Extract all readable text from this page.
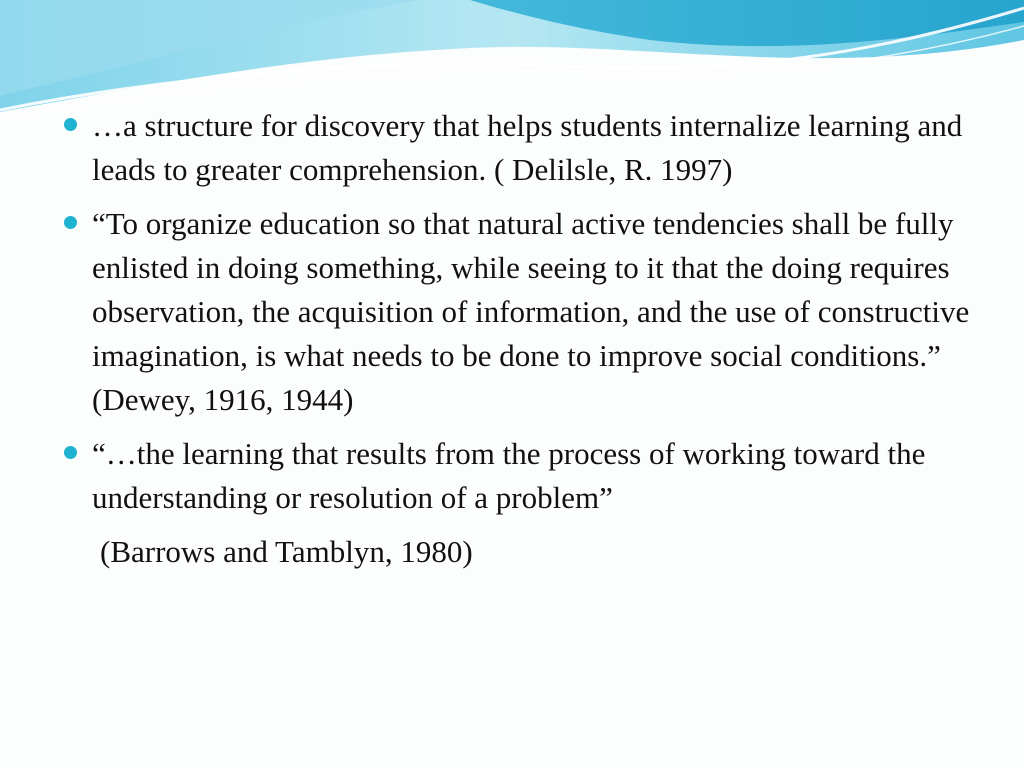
…a structure for discovery that helps students internalize learning and leads to greater comprehension. ( Delilsle, R. 1997)
“To organize education so that natural active tendencies shall be fully enlisted in doing something, while seeing to it that the doing requires observation, the acquisition of information, and the use of constructive imagination, is what needs to be done to improve social conditions.” (Dewey, 1916, 1944)
“…the learning that results from the process of working toward the understanding or resolution of a problem”
(Barrows and Tamblyn, 1980)
